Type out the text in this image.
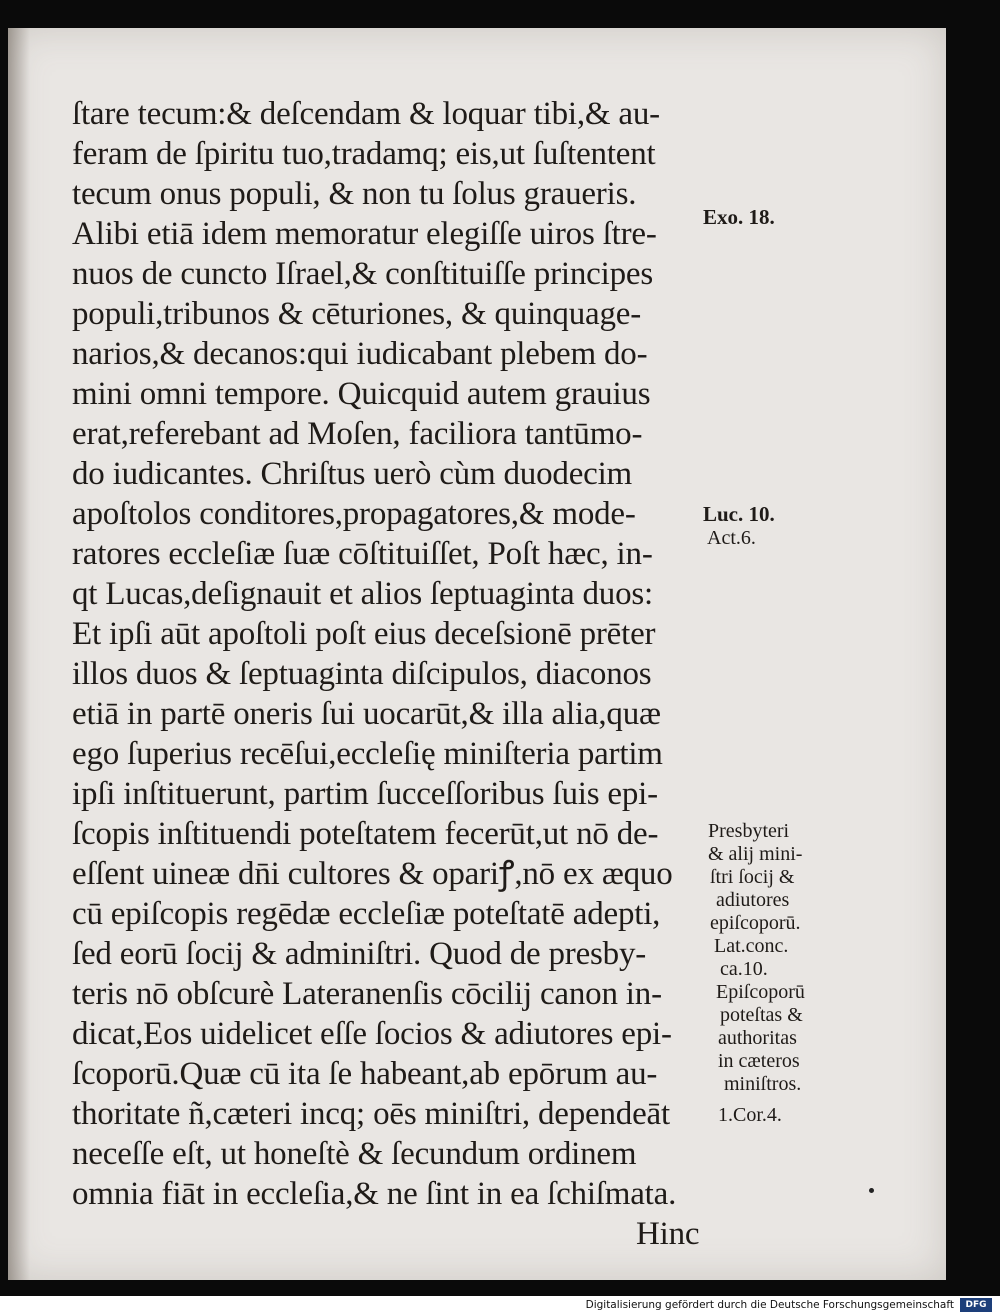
ſtare tecum:& deſcendam & loquar tibi,& au-
feram de ſpiritu tuo,tradamq; eis,ut ſuſtentent
tecum onus populi, & non tu ſolus graueris.
Alibi etiā idem memoratur elegiſſe uiros ſtre-
nuos de cuncto Iſrael,& conſtituiſſe principes
populi,tribunos & cēturiones, & quinquage-
narios,& decanos:qui iudicabant plebem do-
mini omni tempore. Quicquid autem grauius
erat,referebant ad Moſen, faciliora tantūmo-
do iudicantes. Chriſtus uerò cùm duodecim
apoſtolos conditores,propagatores,& mode-
ratores eccleſiæ ſuæ cōſtituiſſet, Poſt hæc, in-
qt Lucas,deſignauit et alios ſeptuaginta duos:
Et ipſi aūt apoſtoli poſt eius deceſsionē prēter
illos duos & ſeptuaginta diſcipulos, diaconos
etiā in partē oneris ſui uocarūt,& illa alia,quæ
ego ſuperius recēſui,eccleſię miniſteria partim
ipſi inſtituerunt, partim ſucceſſoribus ſuis epi-
ſcopis inſtituendi poteſtatem fecerūt,ut nō de-
eſſent uineæ dn̄i cultores & opariꝭ,nō ex æquo
cū epiſcopis regēdæ eccleſiæ poteſtatē adepti,
ſed eorū ſocij & adminiſtri. Quod de presby-
teris nō obſcurè Lateranenſis cōcilij canon in-
dicat,Eos uidelicet eſſe ſocios & adiutores epi-
ſcoporū.Quæ cū ita ſe habeant,ab epōrum au-
thoritate ñ,cæteri incq; oēs miniſtri, dependeāt
neceſſe eſt, ut honeſtè & ſecundum ordinem
omnia fiāt in eccleſia,& ne ſint in ea ſchiſmata.
Hinc
Exo. 18.
Luc. 10.
Act.6.
Presbyteri
& alij mini-
ſtri ſocij &
adiutores
epiſcoporū.
Lat.conc.
ca.10.
Epiſcoporū
poteſtas &
authoritas
in cæteros
miniſtros.
1.Cor.4.
Digitalisierung gefördert durch die Deutsche Forschungsgemeinschaft	DFG
